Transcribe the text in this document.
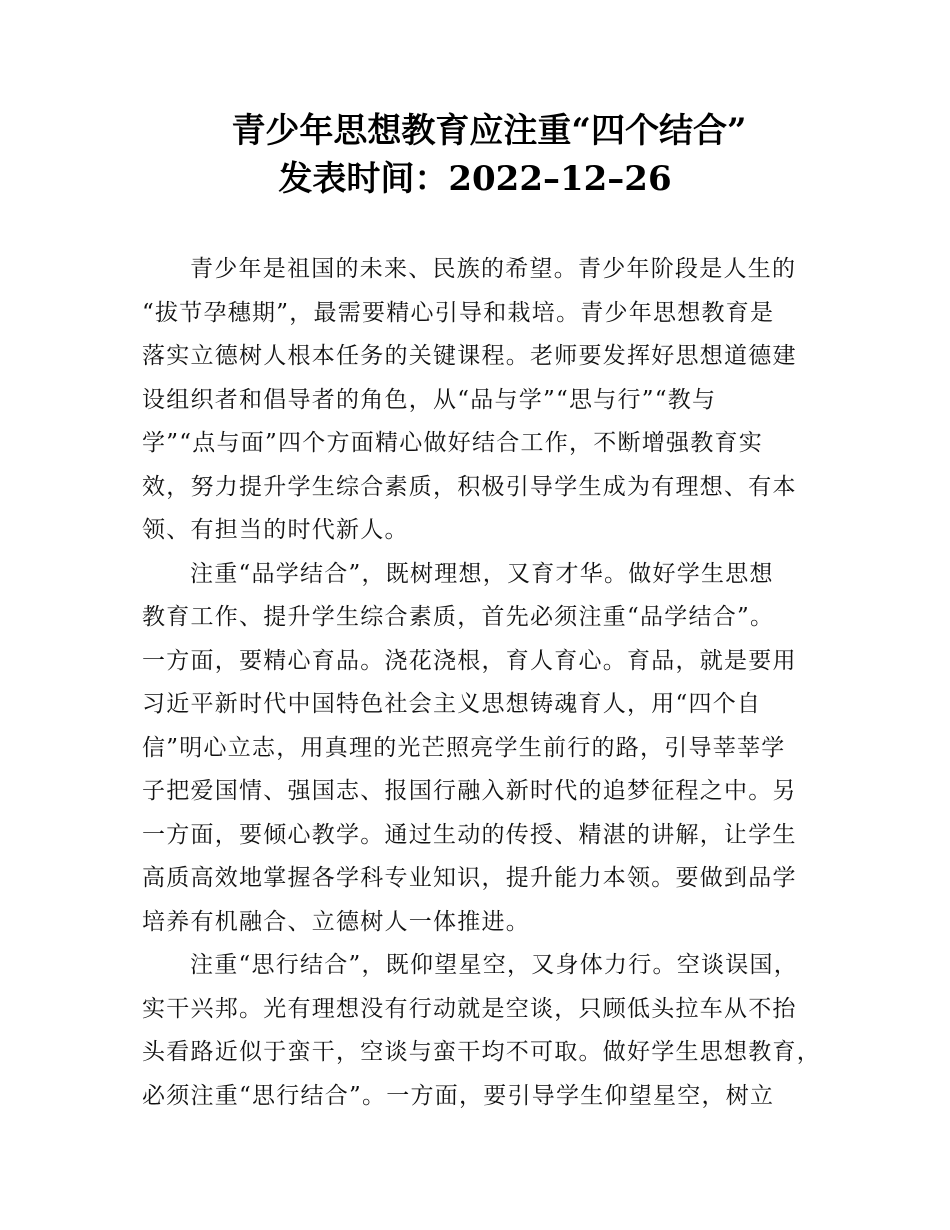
青少年思想教育应注重“四个结合”
发表时间：2022–12–26
青少年是祖国的未来、民族的希望。青少年阶段是人生的
“拔节孕穗期”，最需要精心引导和栽培。青少年思想教育是
落实立德树人根本任务的关键课程。老师要发挥好思想道德建
设组织者和倡导者的角色，从“品与学”“思与行”“教与
学”“点与面”四个方面精心做好结合工作，不断增强教育实
效，努力提升学生综合素质，积极引导学生成为有理想、有本
领、有担当的时代新人。
注重“品学结合”，既树理想，又育才华。做好学生思想
教育工作、提升学生综合素质，首先必须注重“品学结合”。
一方面，要精心育品。浇花浇根，育人育心。育品，就是要用
习近平新时代中国特色社会主义思想铸魂育人，用“四个自
信”明心立志，用真理的光芒照亮学生前行的路，引导莘莘学
子把爱国情、强国志、报国行融入新时代的追梦征程之中。另
一方面，要倾心教学。通过生动的传授、精湛的讲解，让学生
高质高效地掌握各学科专业知识，提升能力本领。要做到品学
培养有机融合、立德树人一体推进。
注重“思行结合”，既仰望星空，又身体力行。空谈误国，
实干兴邦。光有理想没有行动就是空谈，只顾低头拉车从不抬
头看路近似于蛮干，空谈与蛮干均不可取。做好学生思想教育，
必须注重“思行结合”。一方面，要引导学生仰望星空，树立
